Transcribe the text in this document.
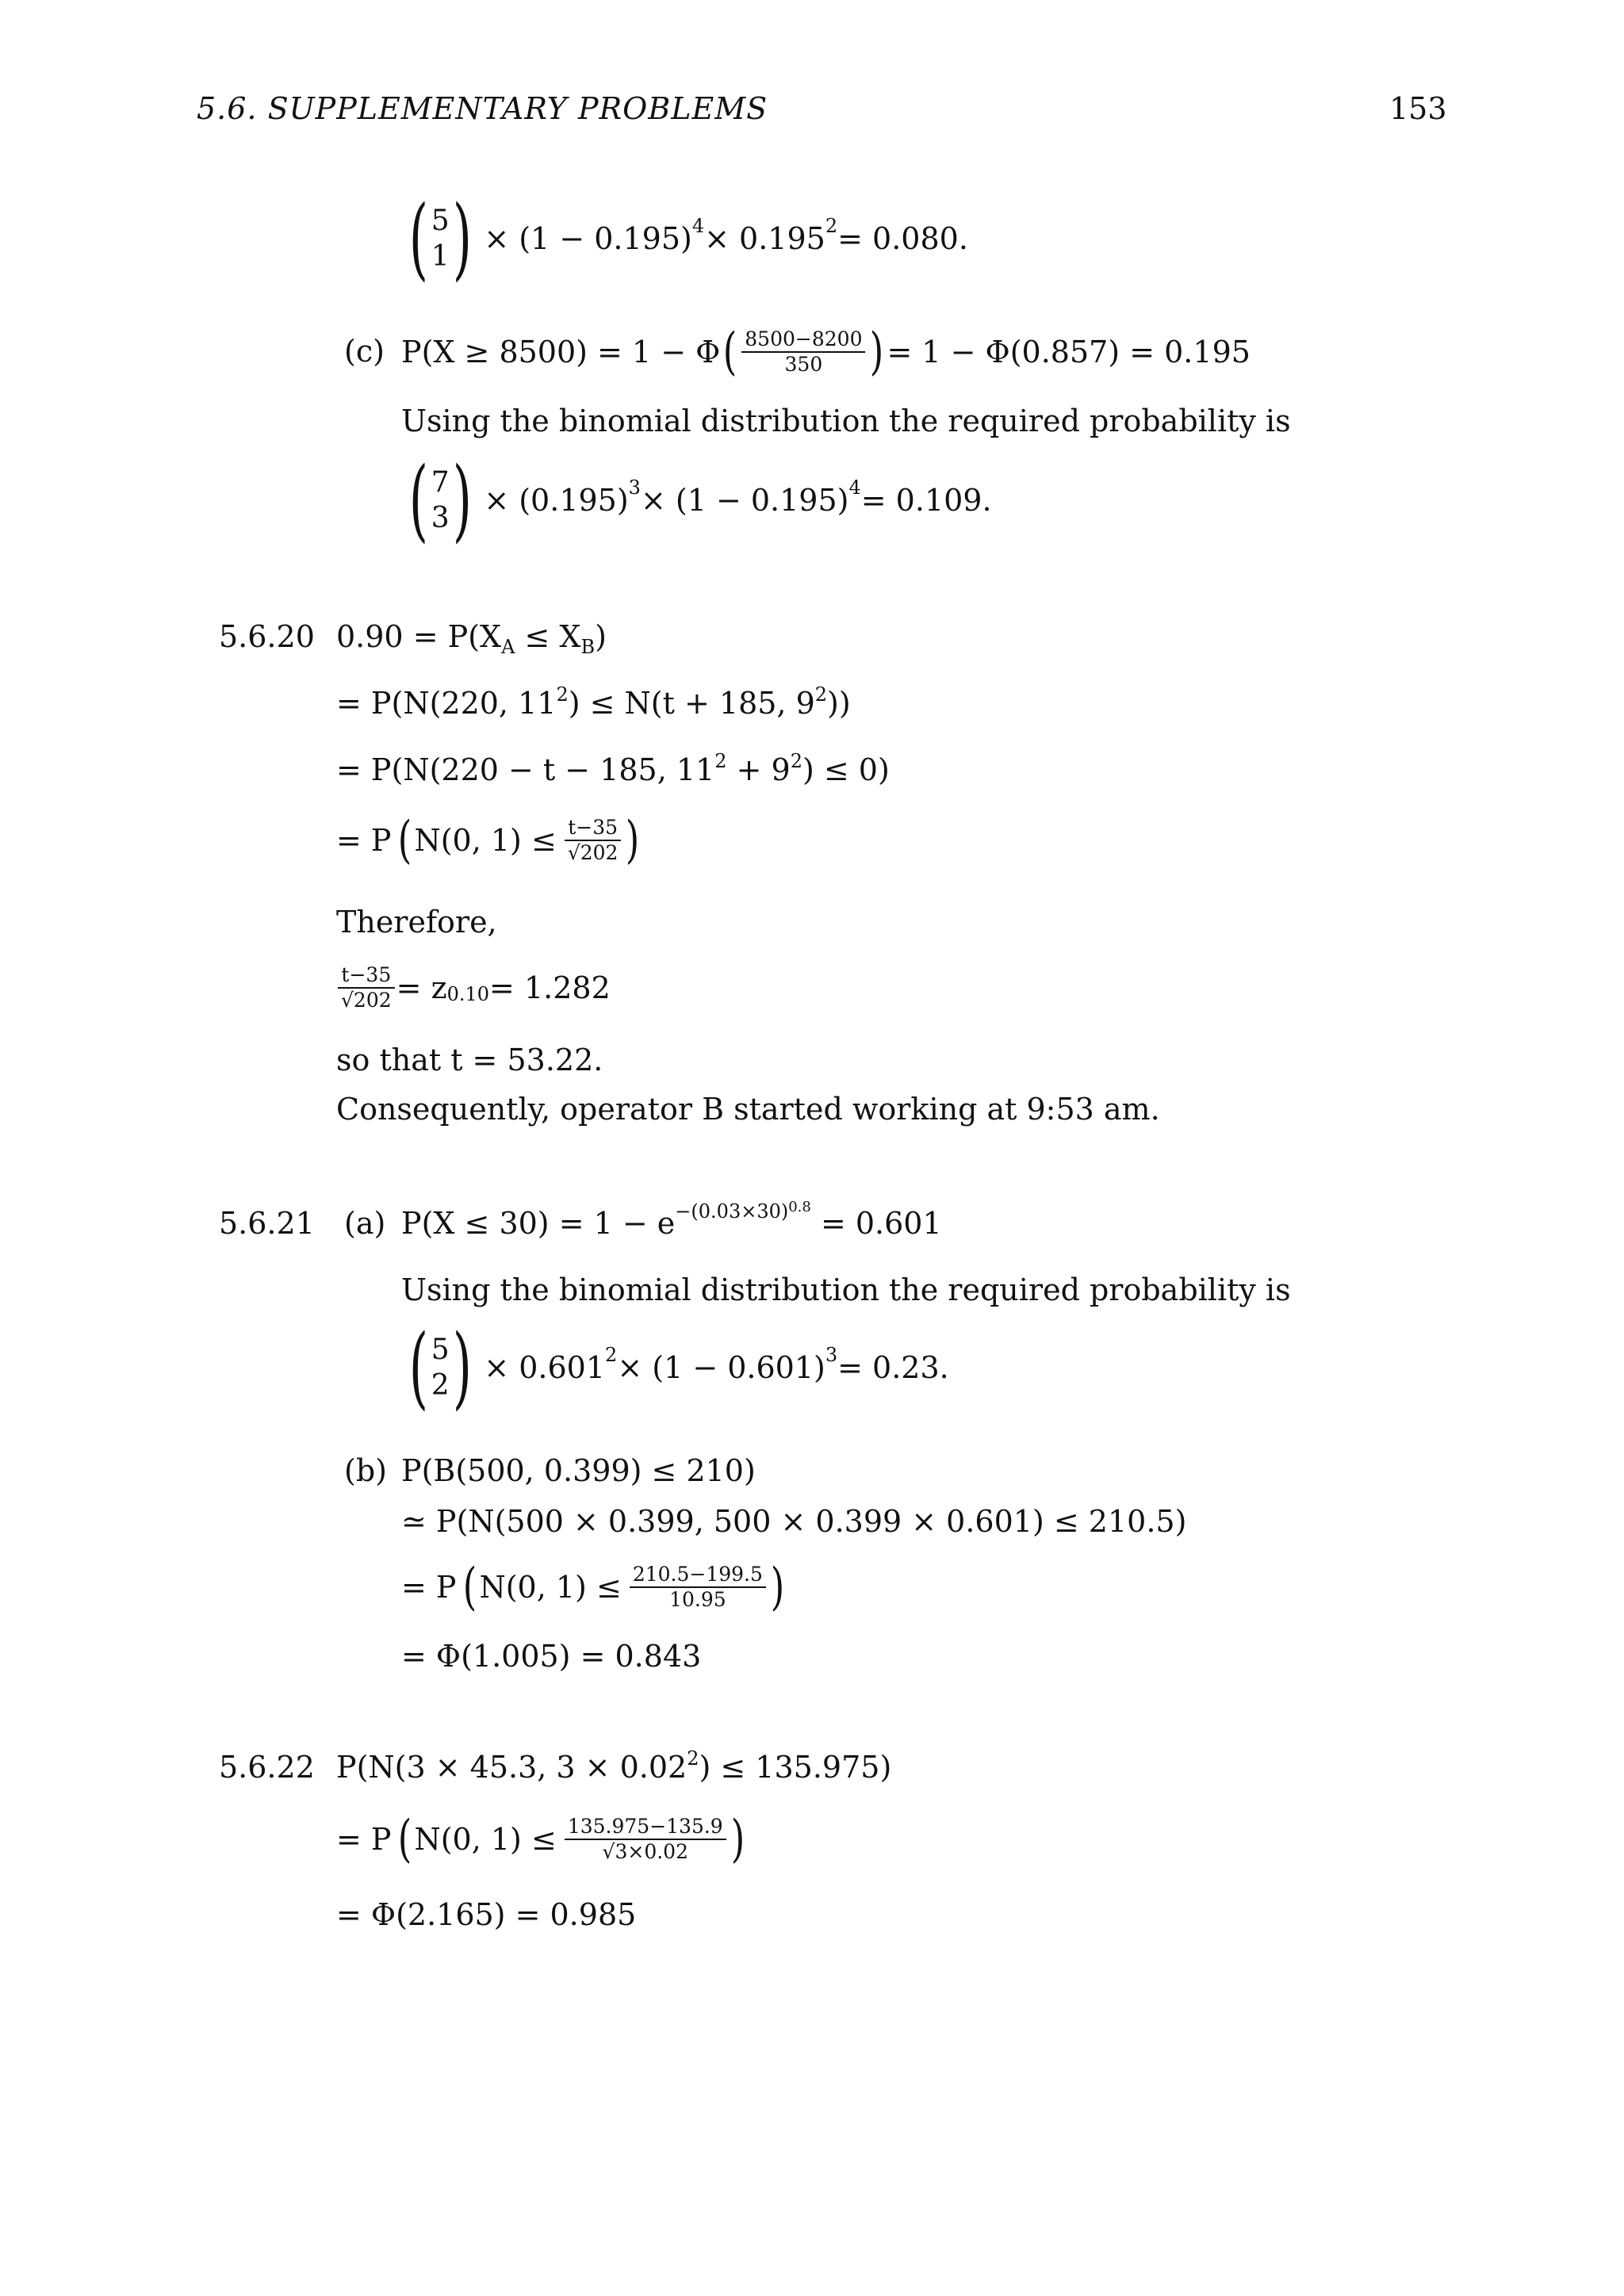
5.6. SUPPLEMENTARY PROBLEMS	153
( 5
1 ) × $(1 - 0.195)^4 \times 0.195^2 = 0.080$.
(c) P(X ≥ 8500) = 1 − Φ ( $\frac{8500-8200}{350}$ ) = 1 − Φ(0.857) = 0.195
Using the binomial distribution the required probability is
( 7
3 ) × $(0.195)^3 \times (1 - 0.195)^4 = 0.109$.
5.6.20 $0.90 = P(X_A \le X_B)$
= P(N(220, $11^2) \le N(t + 185$, $9^2$))
= P(N(220 − t − 185, $11^2 + 9^2) \le 0$)
= P ( N(0, $1) \le \frac{t-35}{√202}$ )
Therefore,
$\frac{t-35}{√202} = z_{0.10} = 1.282$
so that t = 53.22.
Consequently, operator B started working at 9:53 am.
5.6.21 (a) $P(X \le 30) = 1 - e^{-(0.03\times 30)^{0.8}} = 0.601$
Using the binomial distribution the required probability is
( 5
2 ) × $0.601^2 \times (1 - 0.601)^3 = 0.23$.
(b) P(B(500, 0.399) ≤ 210)
≃ P(N(500 × 0.399, 500 × 0.399 × 0.601) ≤ 210.5)
= P ( N(0, $1) \le \frac{210.5-199.5}{10.95}$ )
= Φ(1.005) = 0.843
5.6.22 P(N(3 × 45.3, $3 \times 0.02^2) \le 135.975$)
= P ( N(0, $1) \le \frac{135.975-135.9}{√3\times 0.02}$ )
= Φ(2.165) = 0.985
